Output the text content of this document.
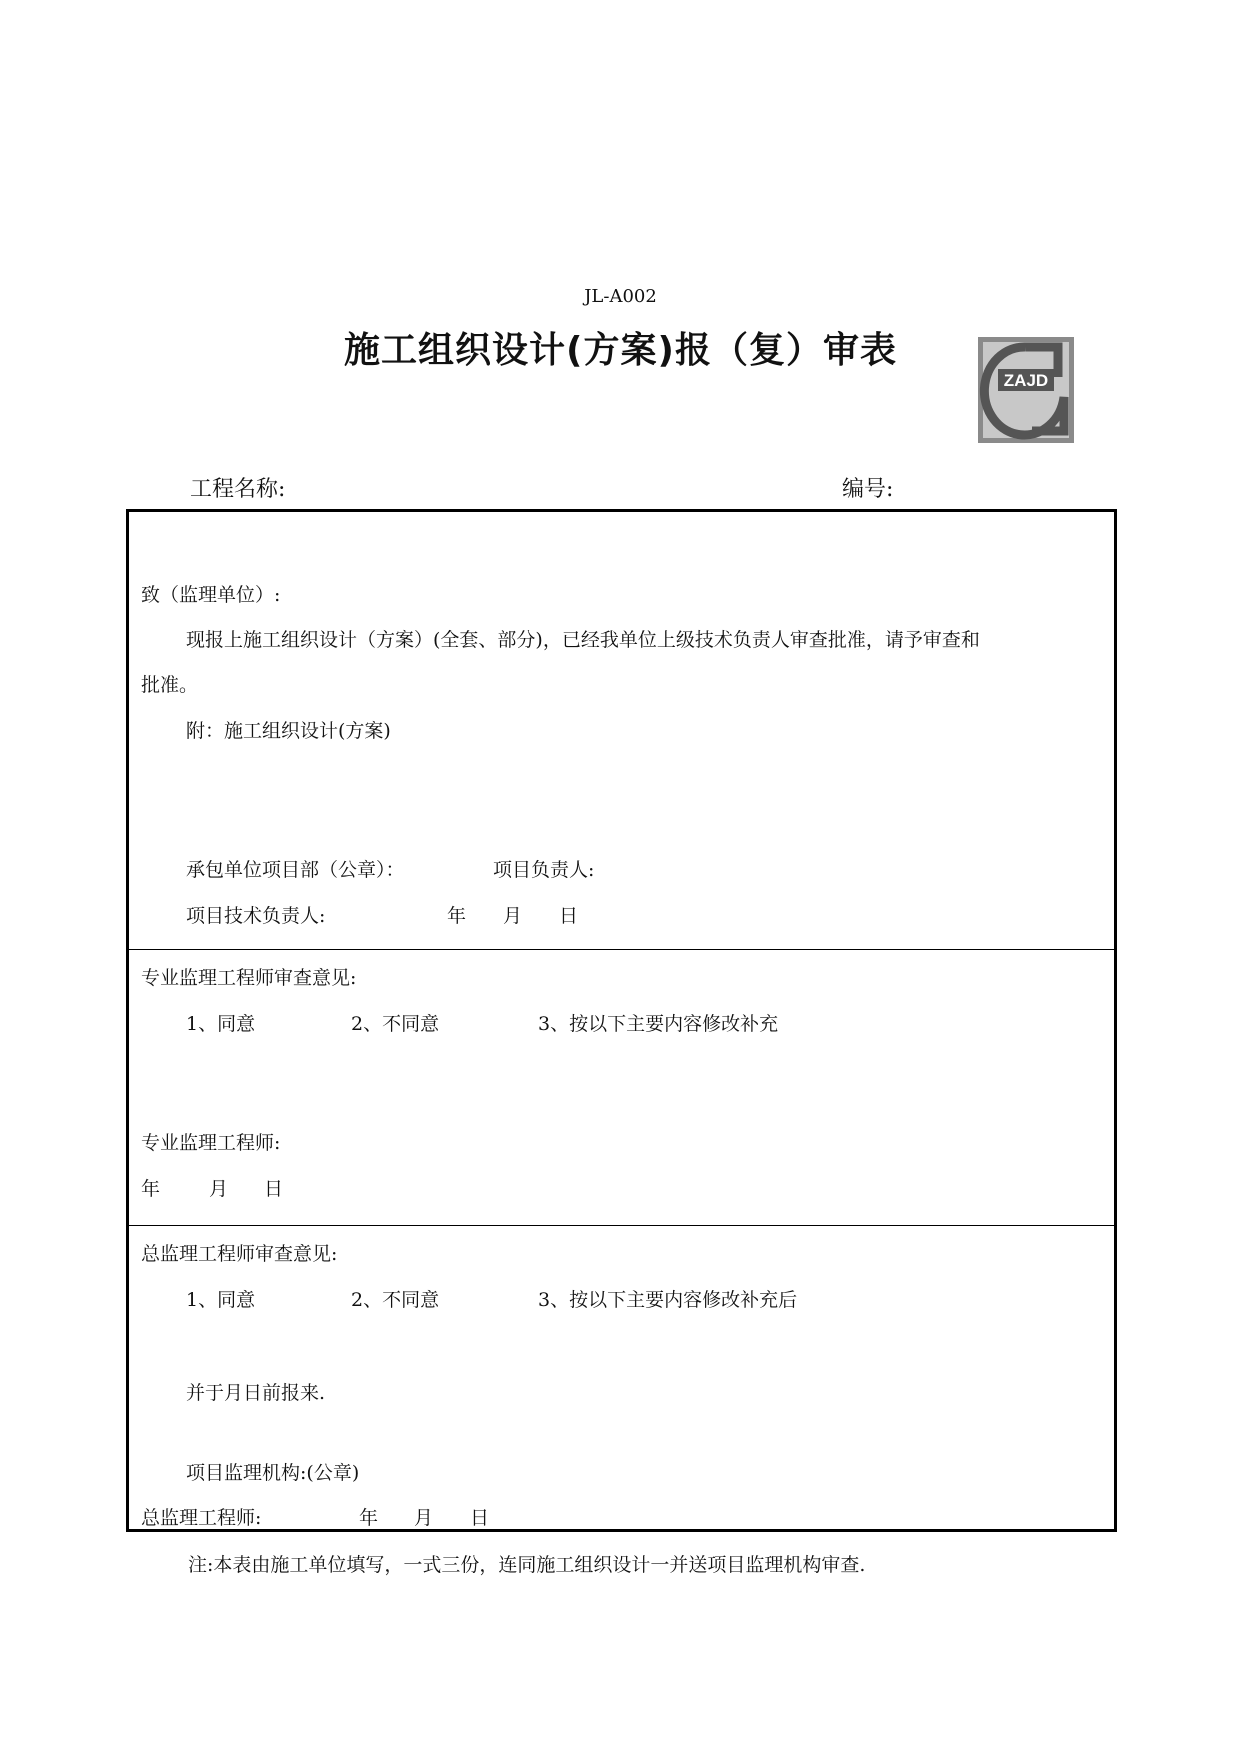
JL-A002
施工组织设计(方案)报（复）审表
ZAJD
工程名称:	编号:
致（监理单位）:
现报上施工组织设计（方案）(全套、部分)，已经我单位上级技术负责人审查批准，请予审查和
批准。
附：施工组织设计(方案)
承包单位项目部（公章）：	项目负责人:
项目技术负责人:	年 月 日
专业监理工程师审查意见:
1、同意	2、不同意	3、按以下主要内容修改补充
专业监理工程师:
年	月 日
总监理工程师审查意见:
1、同意	2、不同意	3、按以下主要内容修改补充后
并于月日前报来.
项目监理机构:(公章)
总监理工程师:	年 月 日
注:本表由施工单位填写，一式三份，连同施工组织设计一并送项目监理机构审查.
